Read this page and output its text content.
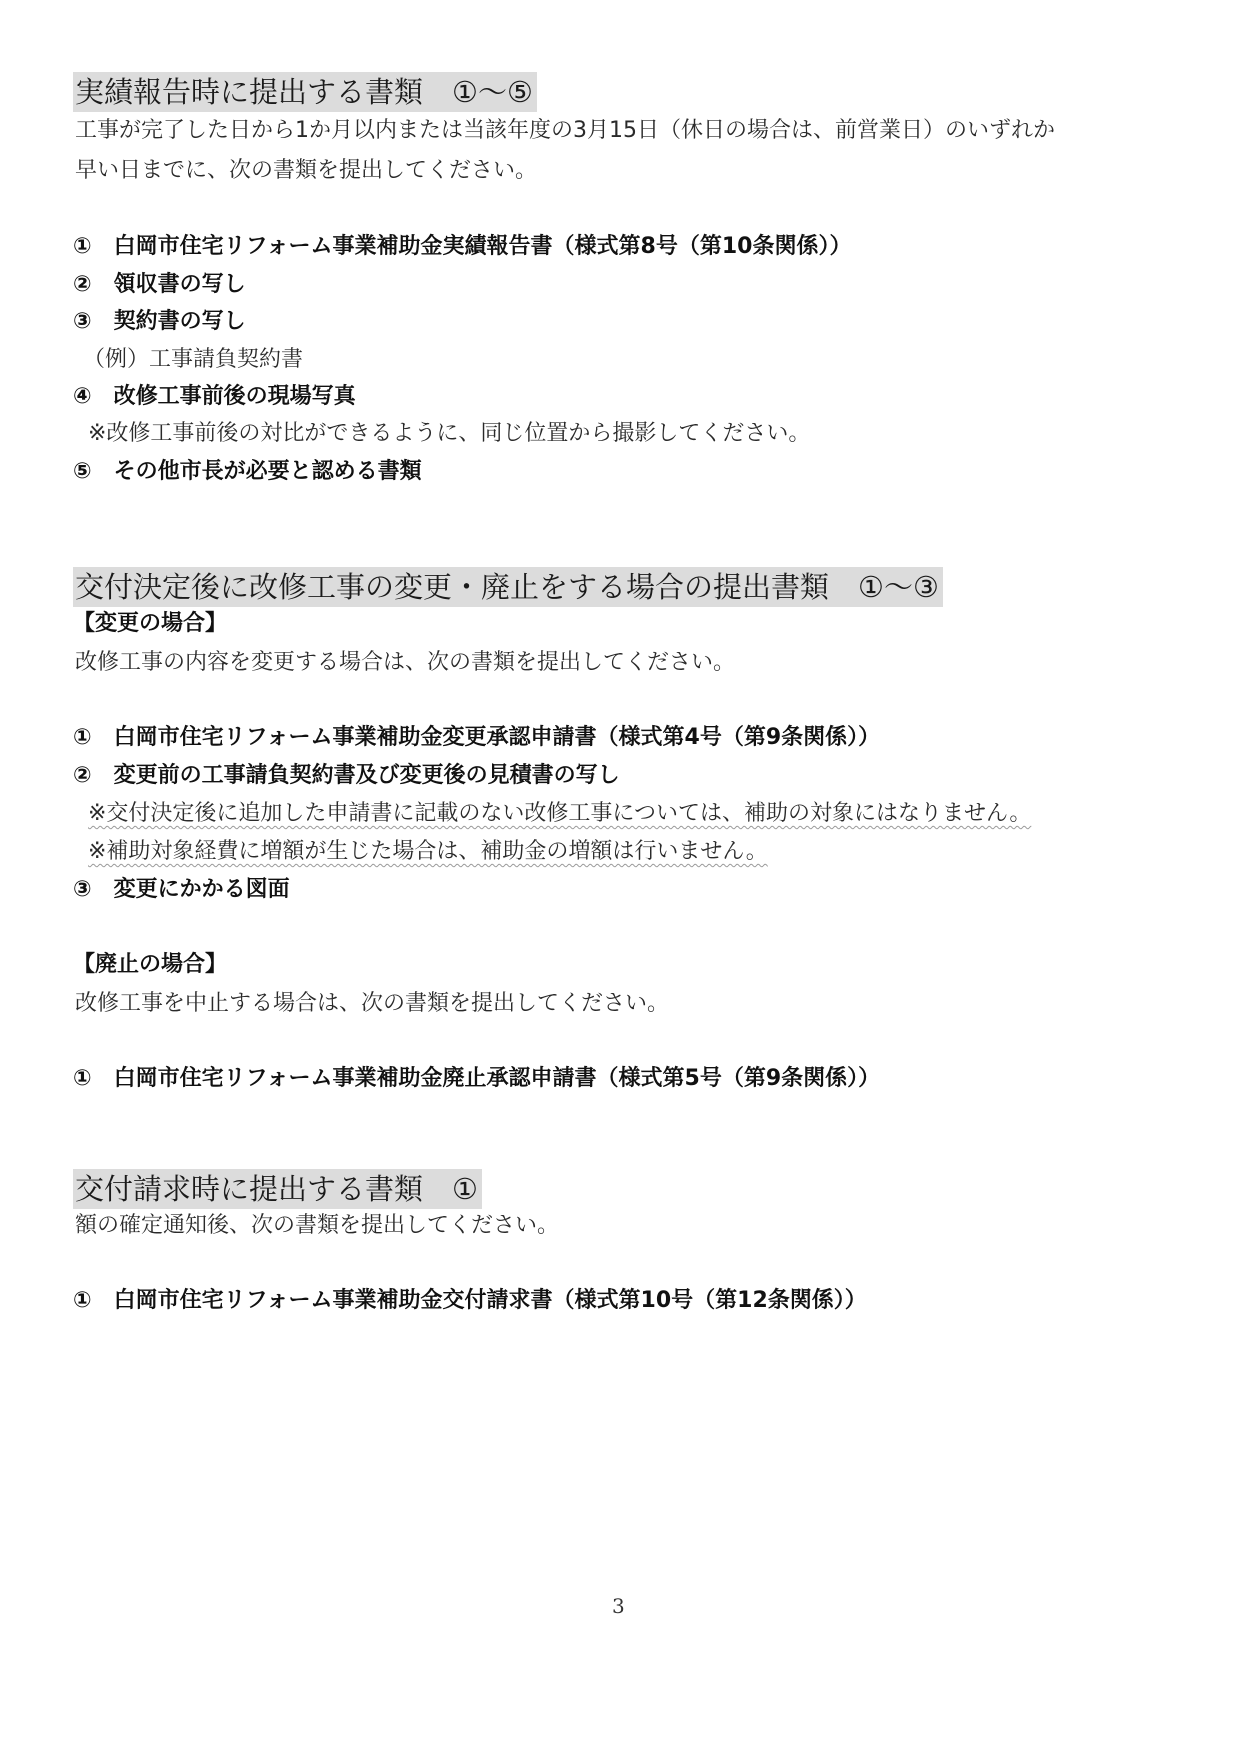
実績報告時に提出する書類　①～⑤
工事が完了した日から1か月以内または当該年度の3月15日（休日の場合は、前営業日）のいずれか
早い日までに、次の書類を提出してください。
①　白岡市住宅リフォーム事業補助金実績報告書（様式第8号（第10条関係））
②　領収書の写し
③　契約書の写し
（例）工事請負契約書
④　改修工事前後の現場写真
※改修工事前後の対比ができるように、同じ位置から撮影してください。
⑤　その他市長が必要と認める書類
交付決定後に改修工事の変更・廃止をする場合の提出書類　①～③
【変更の場合】
改修工事の内容を変更する場合は、次の書類を提出してください。
①　白岡市住宅リフォーム事業補助金変更承認申請書（様式第4号（第9条関係））
②　変更前の工事請負契約書及び変更後の見積書の写し
※交付決定後に追加した申請書に記載のない改修工事については、補助の対象にはなりません。
※補助対象経費に増額が生じた場合は、補助金の増額は行いません。
③　変更にかかる図面
【廃止の場合】
改修工事を中止する場合は、次の書類を提出してください。
①　白岡市住宅リフォーム事業補助金廃止承認申請書（様式第5号（第9条関係））
交付請求時に提出する書類　①
額の確定通知後、次の書類を提出してください。
①　白岡市住宅リフォーム事業補助金交付請求書（様式第10号（第12条関係））
3
